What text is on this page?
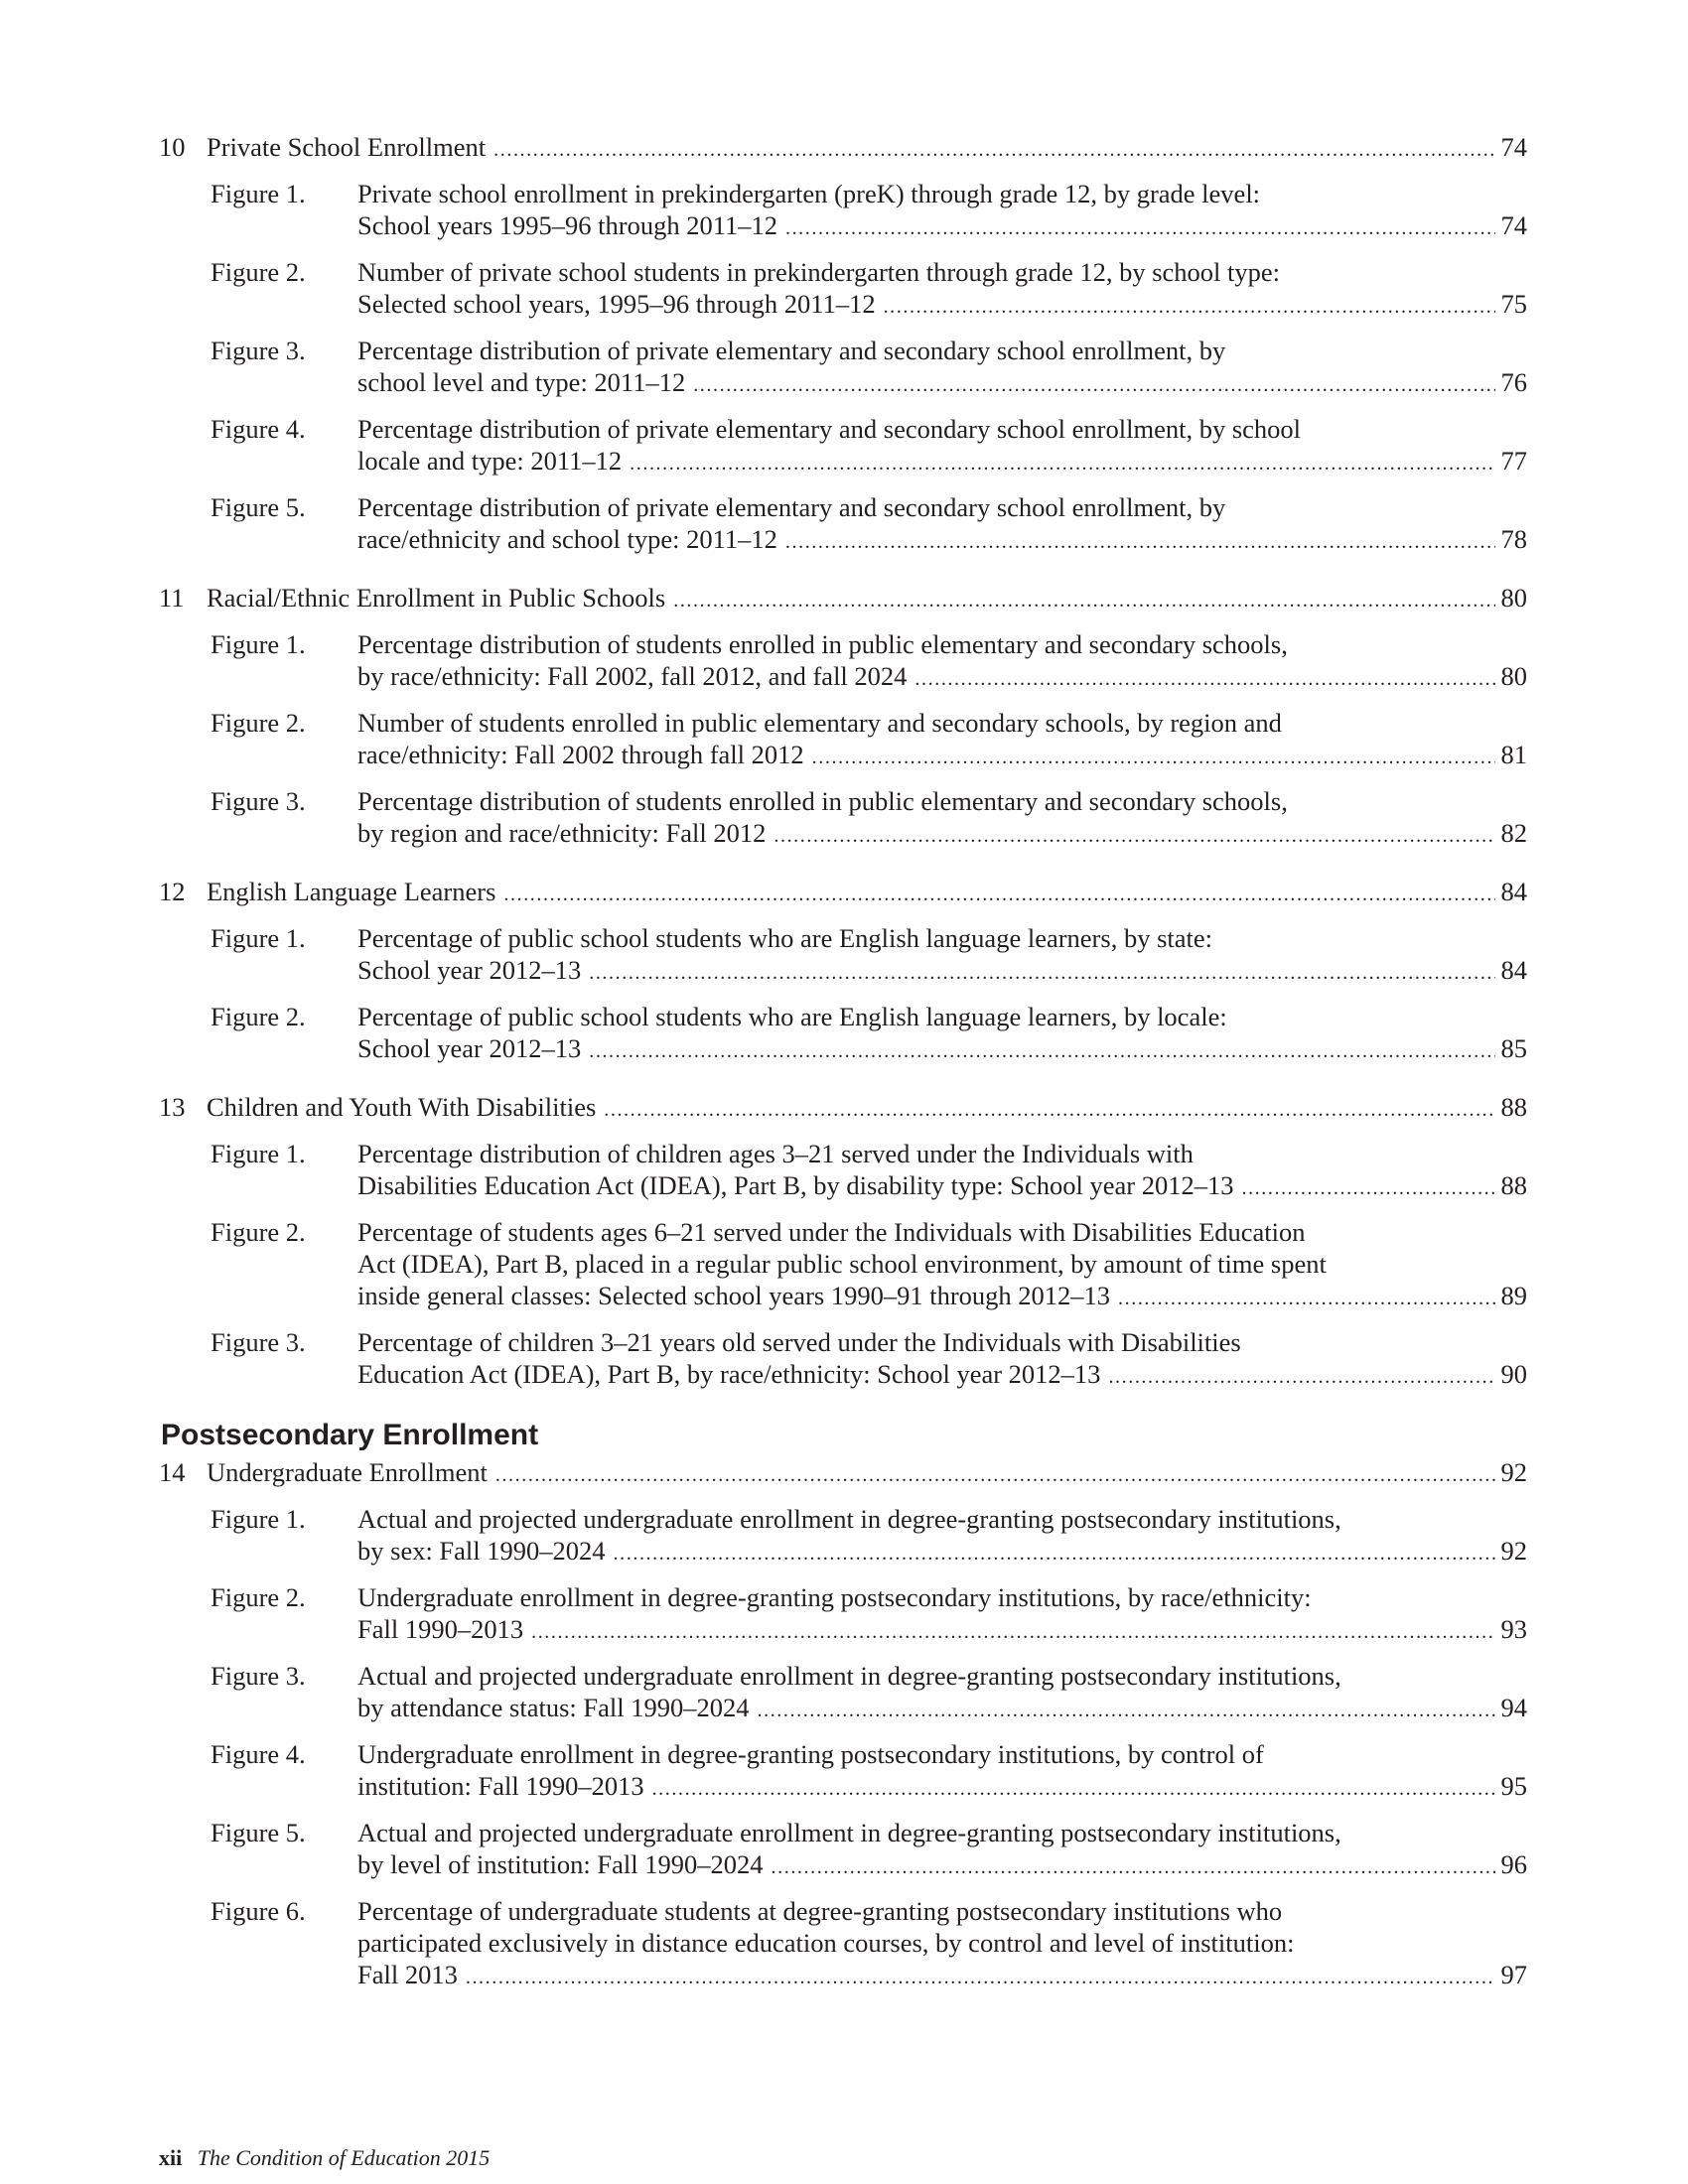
10 Private School Enrollment .....	74
Figure 1.	Private school enrollment in prekindergarten (preK) through grade 12, by grade level:
School years 1995–96 through 2011–12 .....	74
Figure 2.	Number of private school students in prekindergarten through grade 12, by school type:
Selected school years, 1995–96 through 2011–12 .....	75
Figure 3.	Percentage distribution of private elementary and secondary school enrollment, by
school level and type: 2011–12 .....	76
Figure 4.	Percentage distribution of private elementary and secondary school enrollment, by school
locale and type: 2011–12 .....	77
Figure 5.	Percentage distribution of private elementary and secondary school enrollment, by
race/ethnicity and school type: 2011–12 .....	78
11 Racial/Ethnic Enrollment in Public Schools .....	80
Figure 1.	Percentage distribution of students enrolled in public elementary and secondary schools,
by race/ethnicity: Fall 2002, fall 2012, and fall 2024 .....	80
Figure 2.	Number of students enrolled in public elementary and secondary schools, by region and
race/ethnicity: Fall 2002 through fall 2012 .....	81
Figure 3.	Percentage distribution of students enrolled in public elementary and secondary schools,
by region and race/ethnicity: Fall 2012 .....	82
12 English Language Learners .....	84
Figure 1.	Percentage of public school students who are English language learners, by state:
School year 2012–13 .....	84
Figure 2.	Percentage of public school students who are English language learners, by locale:
School year 2012–13 .....	85
13 Children and Youth With Disabilities .....	88
Figure 1.	Percentage distribution of children ages 3–21 served under the Individuals with
Disabilities Education Act (IDEA), Part B, by disability type: School year 2012–13 .....	88
Figure 2.	Percentage of students ages 6–21 served under the Individuals with Disabilities Education
Act (IDEA), Part B, placed in a regular public school environment, by amount of time spent
inside general classes: Selected school years 1990–91 through 2012–13 .....	89
Figure 3.	Percentage of children 3–21 years old served under the Individuals with Disabilities
Education Act (IDEA), Part B, by race/ethnicity: School year 2012–13 .....	90
Postsecondary Enrollment
14 Undergraduate Enrollment .....	92
Figure 1.	Actual and projected undergraduate enrollment in degree-granting postsecondary institutions,
by sex: Fall 1990–2024 .....	92
Figure 2.	Undergraduate enrollment in degree-granting postsecondary institutions, by race/ethnicity:
Fall 1990–2013 .....	93
Figure 3.	Actual and projected undergraduate enrollment in degree-granting postsecondary institutions,
by attendance status: Fall 1990–2024 .....	94
Figure 4.	Undergraduate enrollment in degree-granting postsecondary institutions, by control of
institution: Fall 1990–2013 .....	95
Figure 5.	Actual and projected undergraduate enrollment in degree-granting postsecondary institutions,
by level of institution: Fall 1990–2024 .....	96
Figure 6.	Percentage of undergraduate students at degree-granting postsecondary institutions who
participated exclusively in distance education courses, by control and level of institution:
Fall 2013 .....	97
xii The Condition of Education 2015
